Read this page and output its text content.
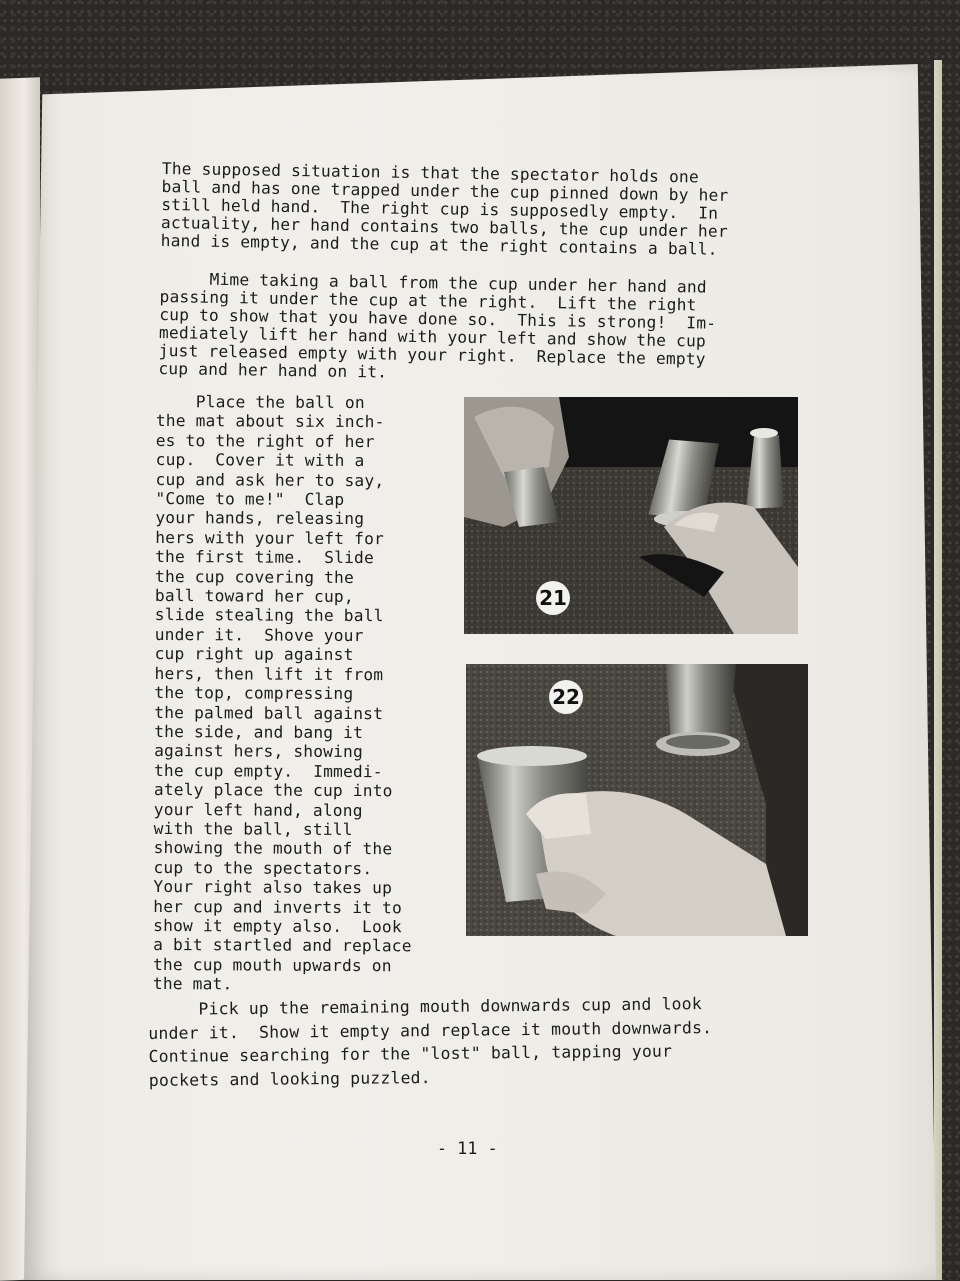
The supposed situation is that the spectator holds one
ball and has one trapped under the cup pinned down by her
still held hand.  The right cup is supposedly empty.  In
actuality, her hand contains two balls, the cup under her
hand is empty, and the cup at the right contains a ball.
Mime taking a ball from the cup under her hand and
passing it under the cup at the right.  Lift the right
cup to show that you have done so.  This is strong!  Im-
mediately lift her hand with your left and show the cup
just released empty with your right.  Replace the empty
cup and her hand on it.
Place the ball on
the mat about six inch-
es to the right of her
cup.  Cover it with a
cup and ask her to say,
"Come to me!"  Clap
your hands, releasing
hers with your left for
the first time.  Slide
the cup covering the
ball toward her cup,
slide stealing the ball
under it.  Shove your
cup right up against
hers, then lift it from
the top, compressing
the palmed ball against
the side, and bang it
against hers, showing
the cup empty.  Immedi-
ately place the cup into
your left hand, along
with the ball, still
showing the mouth of the
cup to the spectators.
Your right also takes up
her cup and inverts it to
show it empty also.  Look
a bit startled and replace
the cup mouth upwards on
the mat.
21
22
Pick up the remaining mouth downwards cup and look
under it.  Show it empty and replace it mouth downwards.
Continue searching for the "lost" ball, tapping your
pockets and looking puzzled.
- 11 -
